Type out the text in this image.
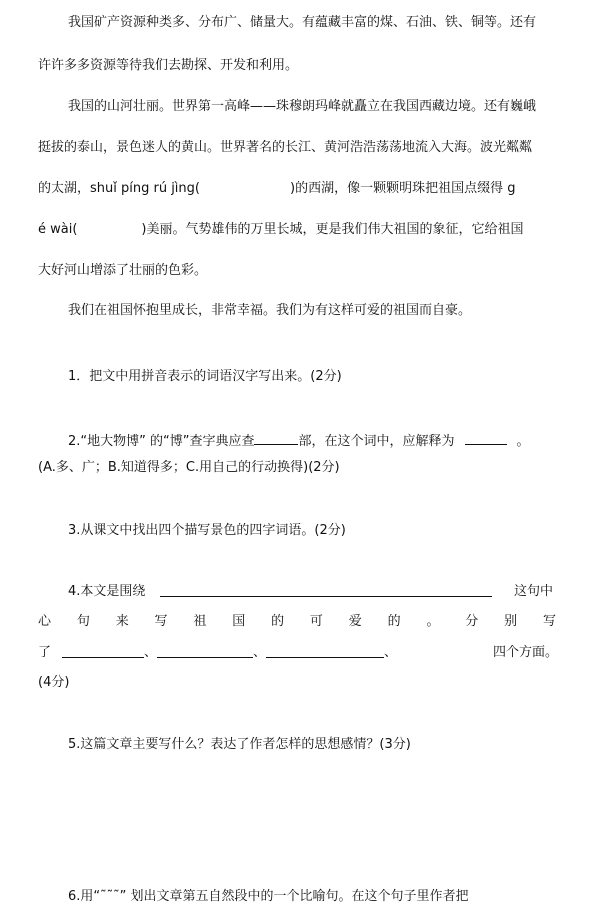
我国矿产资源种类多、分布广、储量大。有蕴藏丰富的煤、石油、铁、铜等。还有
许许多多资源等待我们去勘探、开发和利用。
我国的山河壮丽。世界第一高峰——珠穆朗玛峰就矗立在我国西藏边境。还有巍峨
挺拔的泰山，景色迷人的黄山。世界著名的长江、黄河浩浩荡荡地流入大海。波光粼粼
的太湖，shuǐ píng rú jìng(	)的西湖，像一颗颗明珠把祖国点缀得 g
é wài(	)美丽。气势雄伟的万里长城，更是我们伟大祖国的象征，它给祖国
大好河山增添了壮丽的色彩。
我们在祖国怀抱里成长，非常幸福。我们为有这样可爱的祖国而自豪。
1．把文中用拼音表示的词语汉字写出来。(2分)
2.“地大物博” 的“博”查字典应查	部，在这个词中，应解释为	。
(A.多、广；B.知道得多；C.用自己的行动换得)(2分)
3.从课文中找出四个描写景色的四字词语。(2分)
4.本文是围绕	这句中
心 句 来 写 祖 国 的 可 爱 的 。 分 别 写
了	、	、	、	四个方面。
(4分)
5.这篇文章主要写什么？表达了作者怎样的思想感情？(3分)
6.用“˜˜˜” 划出文章第五自然段中的一个比喻句。在这个句子里作者把
